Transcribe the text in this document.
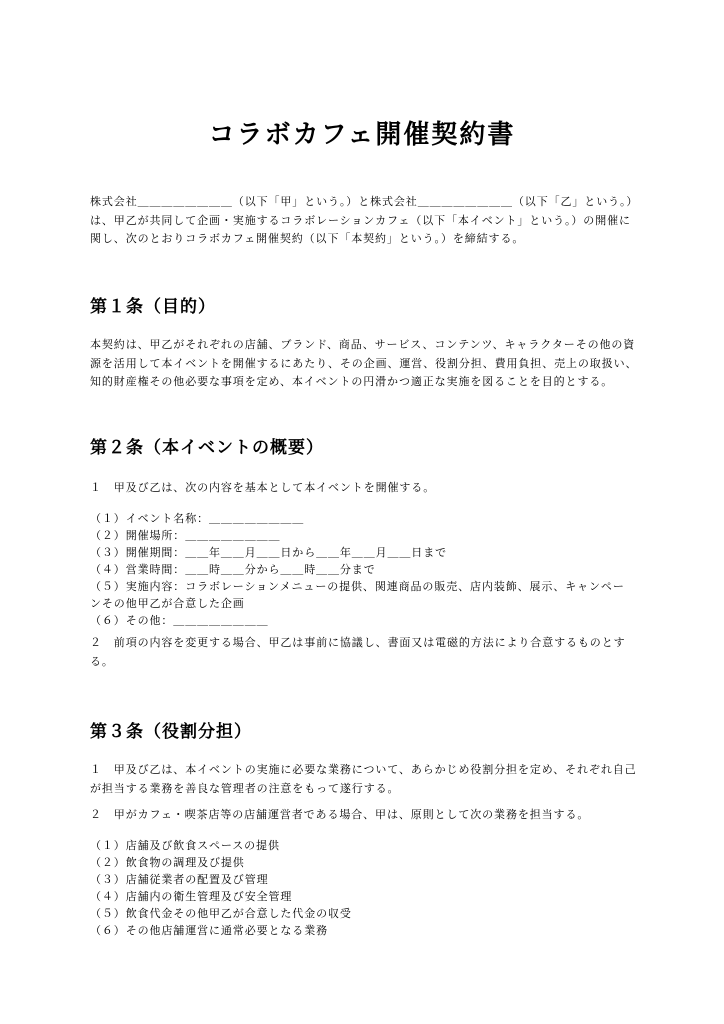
コラボカフェ開催契約書

株式会社＿＿＿＿＿＿＿＿（以下「甲」という。）と株式会社＿＿＿＿＿＿＿＿（以下「乙」という。）は、甲乙が共同して企画・実施するコラボレーションカフェ（以下「本イベント」という。）の開催に関し、次のとおりコラボカフェ開催契約（以下「本契約」という。）を締結する。

第１条（目的）

本契約は、甲乙がそれぞれの店舗、ブランド、商品、サービス、コンテンツ、キャラクターその他の資源を活用して本イベントを開催するにあたり、その企画、運営、役割分担、費用負担、売上の取扱い、知的財産権その他必要な事項を定め、本イベントの円滑かつ適正な実施を図ることを目的とする。

第２条（本イベントの概要）

１　甲及び乙は、次の内容を基本として本イベントを開催する。

（１）イベント名称：＿＿＿＿＿＿＿＿
（２）開催場所：＿＿＿＿＿＿＿＿
（３）開催期間：＿＿年＿＿月＿＿日から＿＿年＿＿月＿＿日まで
（４）営業時間：＿＿時＿＿分から＿＿時＿＿分まで
（５）実施内容：コラボレーションメニューの提供、関連商品の販売、店内装飾、展示、キャンペー
ンその他甲乙が合意した企画
（６）その他：＿＿＿＿＿＿＿＿

２　前項の内容を変更する場合、甲乙は事前に協議し、書面又は電磁的方法により合意するものとする。

第３条（役割分担）

１　甲及び乙は、本イベントの実施に必要な業務について、あらかじめ役割分担を定め、それぞれ自己が担当する業務を善良な管理者の注意をもって遂行する。

２　甲がカフェ・喫茶店等の店舗運営者である場合、甲は、原則として次の業務を担当する。

（１）店舗及び飲食スペースの提供
（２）飲食物の調理及び提供
（３）店舗従業者の配置及び管理
（４）店舗内の衛生管理及び安全管理
（５）飲食代金その他甲乙が合意した代金の収受
（６）その他店舗運営に通常必要となる業務
